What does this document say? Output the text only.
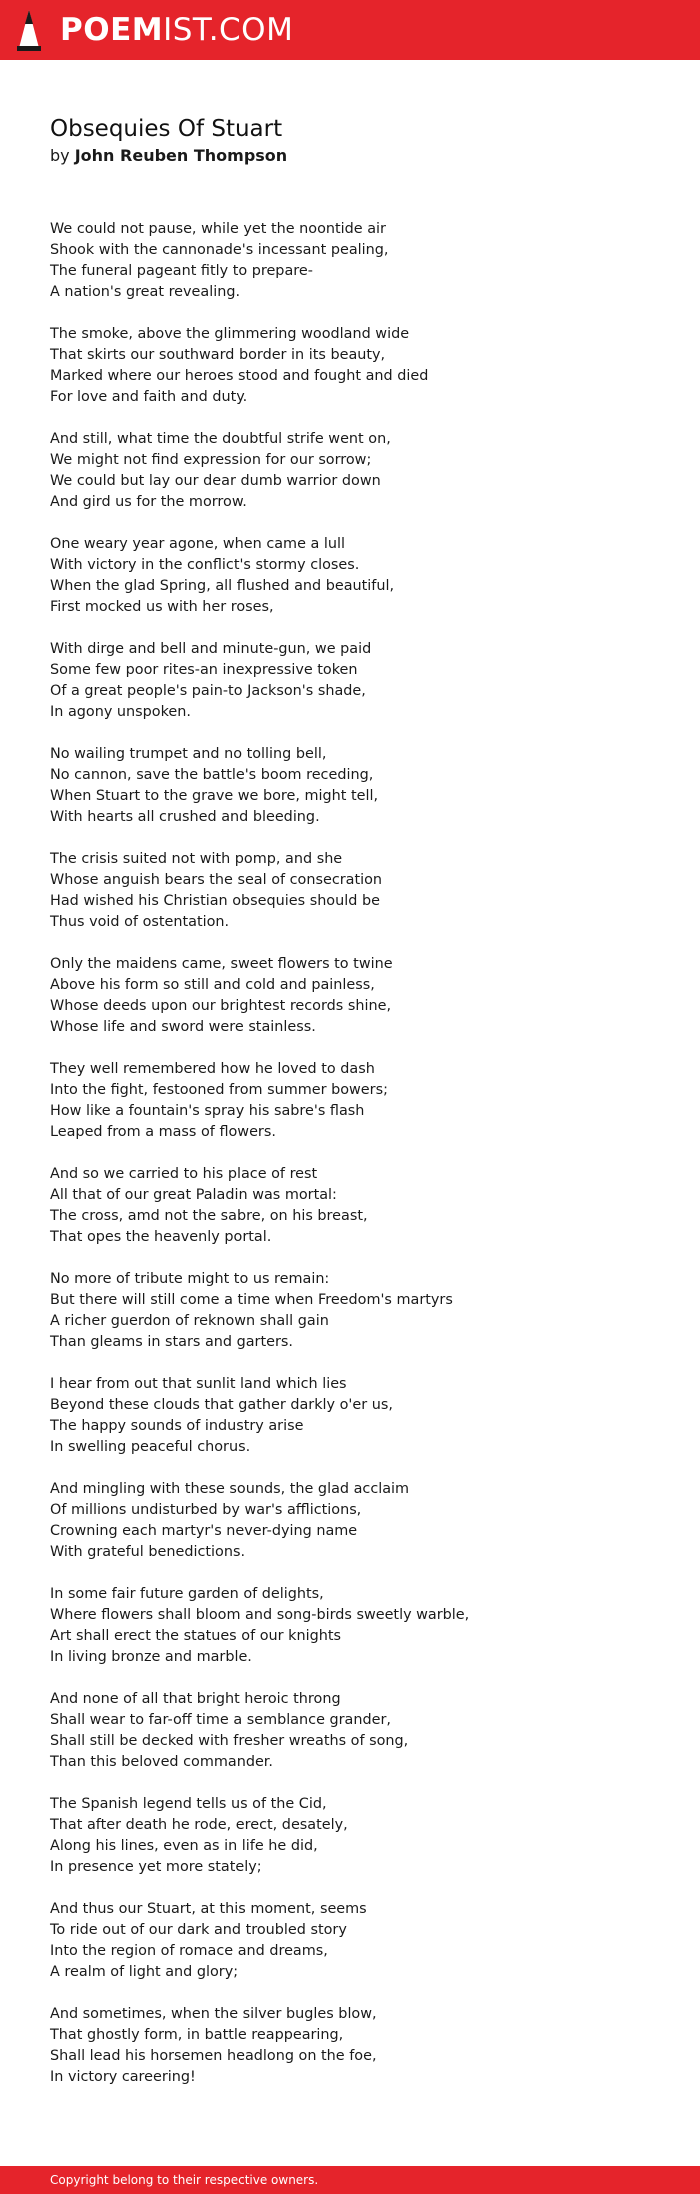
POEMIST.COM
Obsequies Of Stuart
by John Reuben Thompson
We could not pause, while yet the noontide air
Shook with the cannonade's incessant pealing,
The funeral pageant fitly to prepare-
A nation's great revealing.
The smoke, above the glimmering woodland wide
That skirts our southward border in its beauty,
Marked where our heroes stood and fought and died
For love and faith and duty.
And still, what time the doubtful strife went on,
We might not find expression for our sorrow;
We could but lay our dear dumb warrior down
And gird us for the morrow.
One weary year agone, when came a lull
With victory in the conflict's stormy closes.
When the glad Spring, all flushed and beautiful,
First mocked us with her roses,
With dirge and bell and minute-gun, we paid
Some few poor rites-an inexpressive token
Of a great people's pain-to Jackson's shade,
In agony unspoken.
No wailing trumpet and no tolling bell,
No cannon, save the battle's boom receding,
When Stuart to the grave we bore, might tell,
With hearts all crushed and bleeding.
The crisis suited not with pomp, and she
Whose anguish bears the seal of consecration
Had wished his Christian obsequies should be
Thus void of ostentation.
Only the maidens came, sweet flowers to twine
Above his form so still and cold and painless,
Whose deeds upon our brightest records shine,
Whose life and sword were stainless.
They well remembered how he loved to dash
Into the fight, festooned from summer bowers;
How like a fountain's spray his sabre's flash
Leaped from a mass of flowers.
And so we carried to his place of rest
All that of our great Paladin was mortal:
The cross, amd not the sabre, on his breast,
That opes the heavenly portal.
No more of tribute might to us remain:
But there will still come a time when Freedom's martyrs
A richer guerdon of reknown shall gain
Than gleams in stars and garters.
I hear from out that sunlit land which lies
Beyond these clouds that gather darkly o'er us,
The happy sounds of industry arise
In swelling peaceful chorus.
And mingling with these sounds, the glad acclaim
Of millions undisturbed by war's afflictions,
Crowning each martyr's never-dying name
With grateful benedictions.
In some fair future garden of delights,
Where flowers shall bloom and song-birds sweetly warble,
Art shall erect the statues of our knights
In living bronze and marble.
And none of all that bright heroic throng
Shall wear to far-off time a semblance grander,
Shall still be decked with fresher wreaths of song,
Than this beloved commander.
The Spanish legend tells us of the Cid,
That after death he rode, erect, desately,
Along his lines, even as in life he did,
In presence yet more stately;
And thus our Stuart, at this moment, seems
To ride out of our dark and troubled story
Into the region of romace and dreams,
A realm of light and glory;
And sometimes, when the silver bugles blow,
That ghostly form, in battle reappearing,
Shall lead his horsemen headlong on the foe,
In victory careering!
Copyright belong to their respective owners.
